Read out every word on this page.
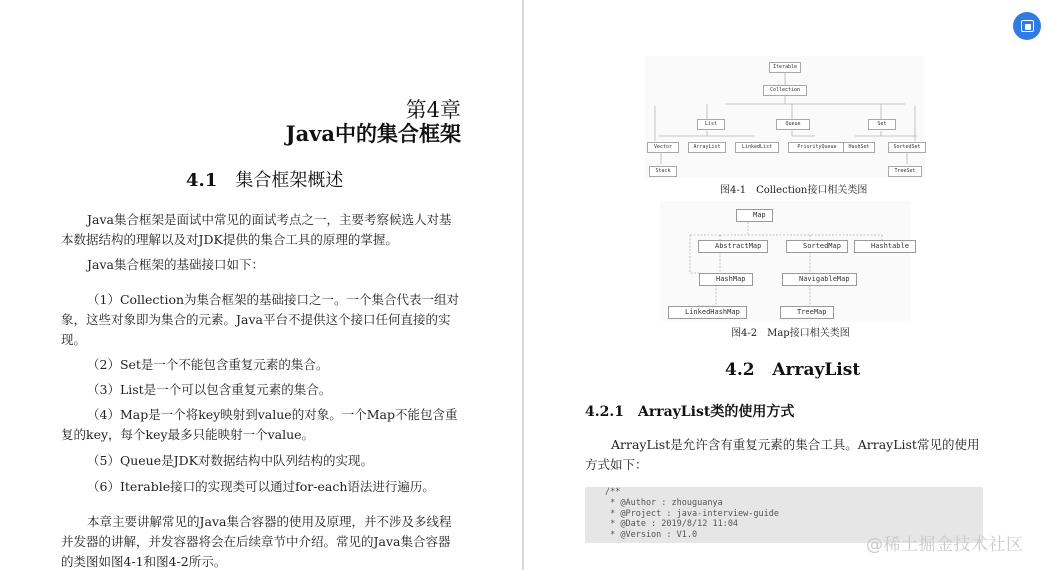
第4章
Java中的集合框架
4.1 集合框架概述
Java集合框架是面试中常见的面试考点之一，主要考察候选人对基本数据结构的理解以及对JDK提供的集合工具的原理的掌握。
Java集合框架的基础接口如下：
（1）Collection为集合框架的基础接口之一。一个集合代表一组对象，这些对象即为集合的元素。Java平台不提供这个接口任何直接的实现。
（2）Set是一个不能包含重复元素的集合。
（3）List是一个可以包含重复元素的集合。
（4）Map是一个将key映射到value的对象。一个Map不能包含重复的key，每个key最多只能映射一个value。
（5）Queue是JDK对数据结构中队列结构的实现。
（6）Iterable接口的实现类可以通过for-each语法进行遍历。
本章主要讲解常见的Java集合容器的使用及原理，并不涉及多线程并发器的讲解，并发容器将会在后续章节中介绍。常见的Java集合容器的类图如图4-1和图4-2所示。
Iterable
Collection
List	Queue	Set
Vector	ArrayList	LinkedList	PriorityQueue	HashSet	SortedSet
Stack	TreeSet
图4-1　Collection接口相关类图
Map
AbstractMap	SortedMap	Hashtable
HashMap	NavigableMap
LinkedHashMap	TreeMap
图4-2　Map接口相关类图
4.2 ArrayList
4.2.1 ArrayList类的使用方式
ArrayList是允许含有重复元素的集合工具。ArrayList常见的使用方式如下：
/**
* @Author : zhouguanya
* @Project : java-interview-guide
* @Date : 2019/8/12 11:04
* @Version : V1.0	@稀土掘金技术社区
